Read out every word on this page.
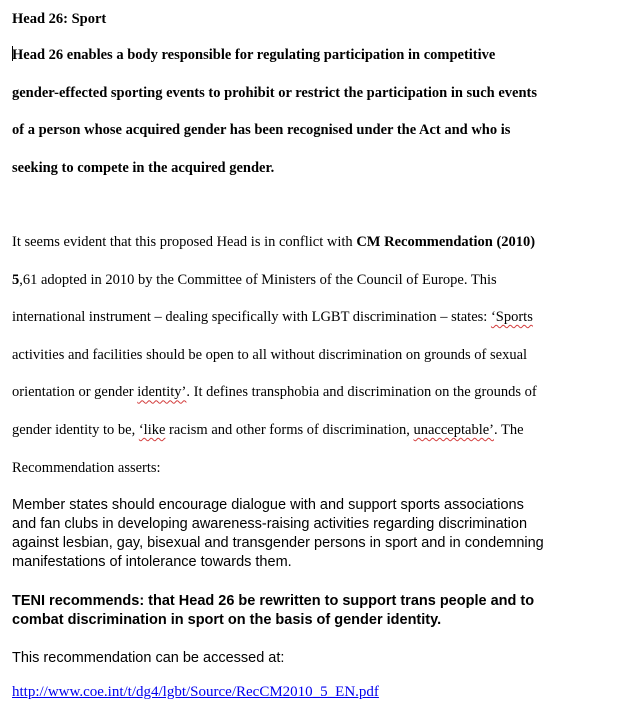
Head 26: Sport
Head 26 enables a body responsible for regulating participation in competitive
gender-effected sporting events to prohibit or restrict the participation in such events
of a person whose acquired gender has been recognised under the Act and who is
seeking to compete in the acquired gender.
It seems evident that this proposed Head is in conflict with CM Recommendation (2010)
5,61 adopted in 2010 by the Committee of Ministers of the Council of Europe. This
international instrument – dealing specifically with LGBT discrimination – states: ‘Sports
activities and facilities should be open to all without discrimination on grounds of sexual
orientation or gender identity’. It defines transphobia and discrimination on the grounds of
gender identity to be, ‘like racism and other forms of discrimination, unacceptable’. The
Recommendation asserts:
Member states should encourage dialogue with and support sports associations
and fan clubs in developing awareness-raising activities regarding discrimination
against lesbian, gay, bisexual and transgender persons in sport and in condemning
manifestations of intolerance towards them.
TENI recommends: that Head 26 be rewritten to support trans people and to
combat discrimination in sport on the basis of gender identity.
This recommendation can be accessed at:
http://www.coe.int/t/dg4/lgbt/Source/RecCM2010_5_EN.pdf
